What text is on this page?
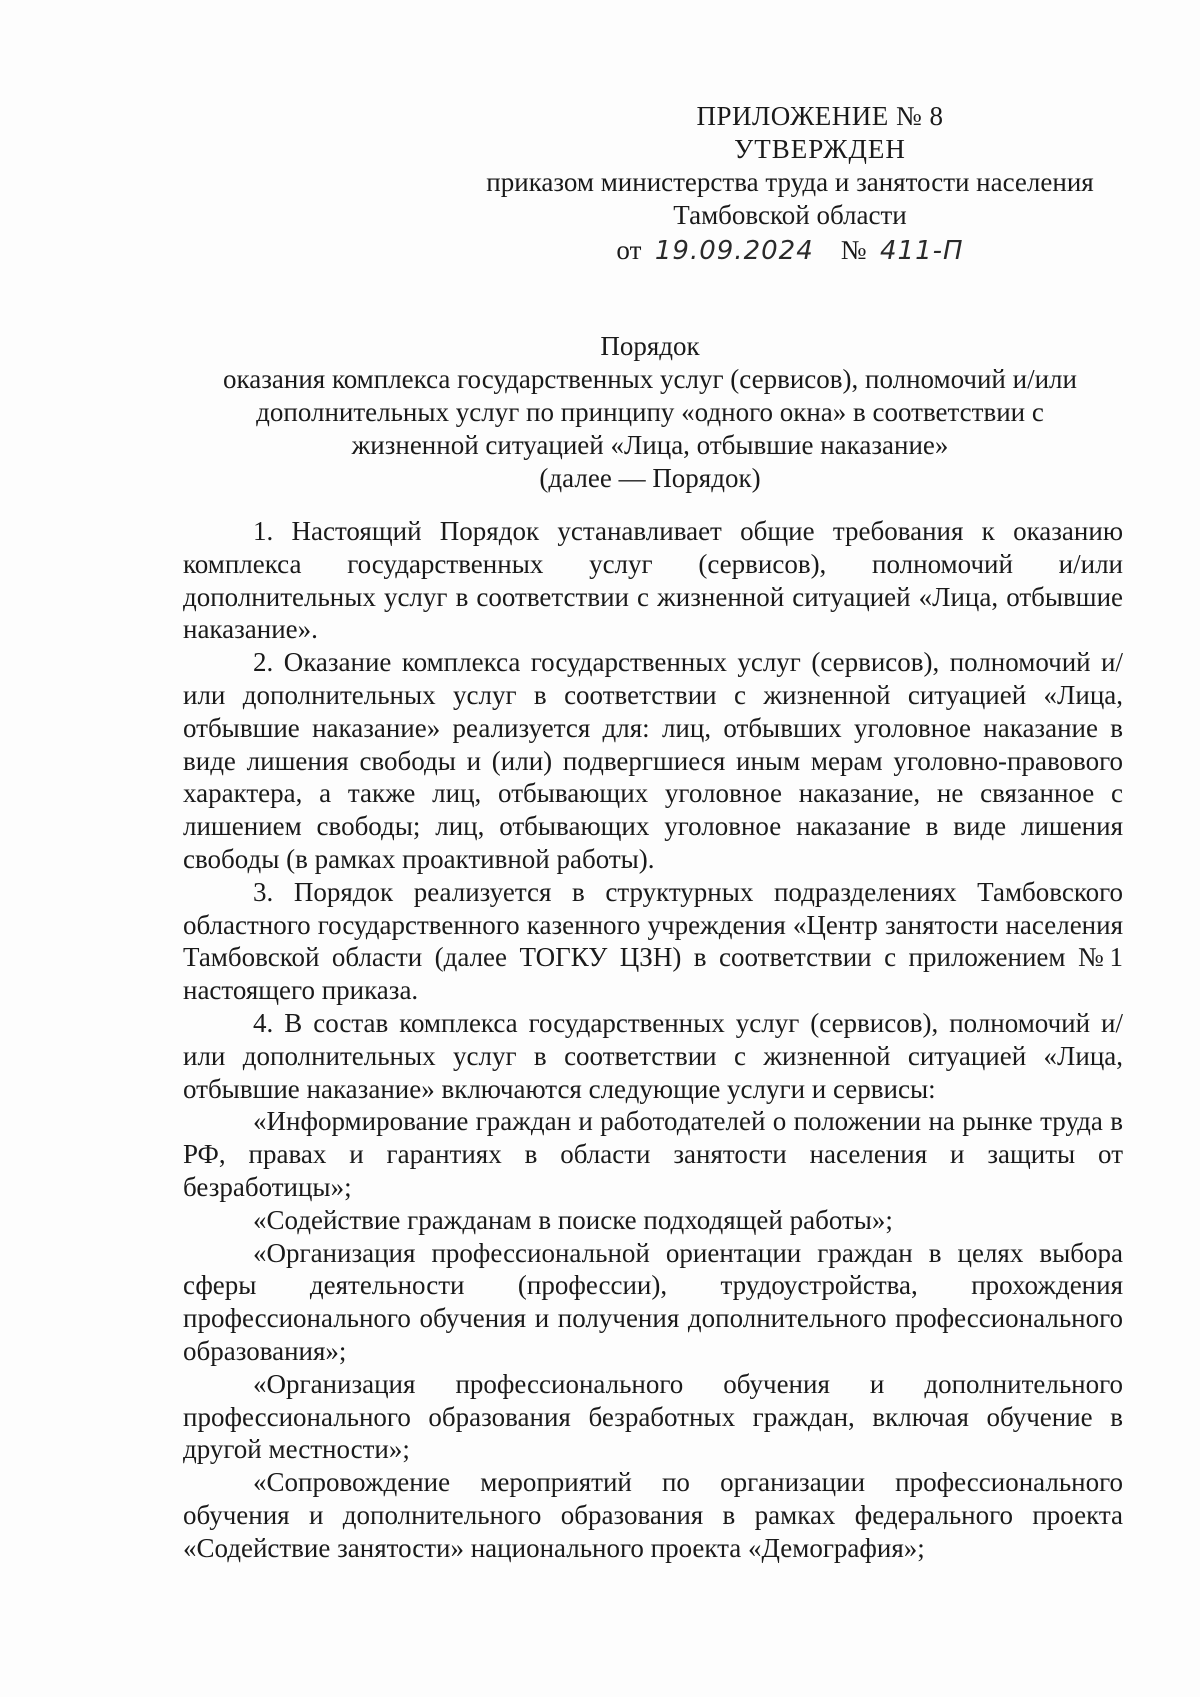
ПРИЛОЖЕНИЕ № 8
УТВЕРЖДЕН
приказом министерства труда и занятости населения
Тамбовской области
от 19.09.2024 № 411-П
Порядок
оказания комплекса государственных услуг (сервисов), полномочий и/или
дополнительных услуг по принципу «одного окна» в соответствии с
жизненной ситуацией «Лица, отбывшие наказание»
(далее — Порядок)

1. Настоящий Порядок устанавливает общие требования к оказанию комплекса государственных услуг (сервисов), полномочий и/или дополнительных услуг в соответствии с жизненной ситуацией «Лица, отбывшие наказание».

2. Оказание комплекса государственных услуг (сервисов), полномочий и/или дополнительных услуг в соответствии с жизненной ситуацией «Лица, отбывшие наказание» реализуется для: лиц, отбывших уголовное наказание в виде лишения свободы и (или) подвергшиеся иным мерам уголовно-правового характера, а также лиц, отбывающих уголовное наказание, не связанное с лишением свободы; лиц, отбывающих уголовное наказание в виде лишения свободы (в рамках проактивной работы).

3. Порядок реализуется в структурных подразделениях Тамбовского областного государственного казенного учреждения «Центр занятости населения Тамбовской области (далее ТОГКУ ЦЗН) в соответствии с приложением №1 настоящего приказа.

4. В состав комплекса государственных услуг (сервисов), полномочий и/или дополнительных услуг в соответствии с жизненной ситуацией «Лица, отбывшие наказание» включаются следующие услуги и сервисы:

«Информирование граждан и работодателей о положении на рынке труда в РФ, правах и гарантиях в области занятости населения и защиты от безработицы»;

«Содействие гражданам в поиске подходящей работы»;

«Организация профессиональной ориентации граждан в целях выбора сферы деятельности (профессии), трудоустройства, прохождения профессионального обучения и получения дополнительного профессионального образования»;

«Организация профессионального обучения и дополнительного профессионального образования безработных граждан, включая обучение в другой местности»;

«Сопровождение мероприятий по организации профессионального обучения и дополнительного образования в рамках федерального проекта «Содействие занятости» национального проекта «Демография»;
